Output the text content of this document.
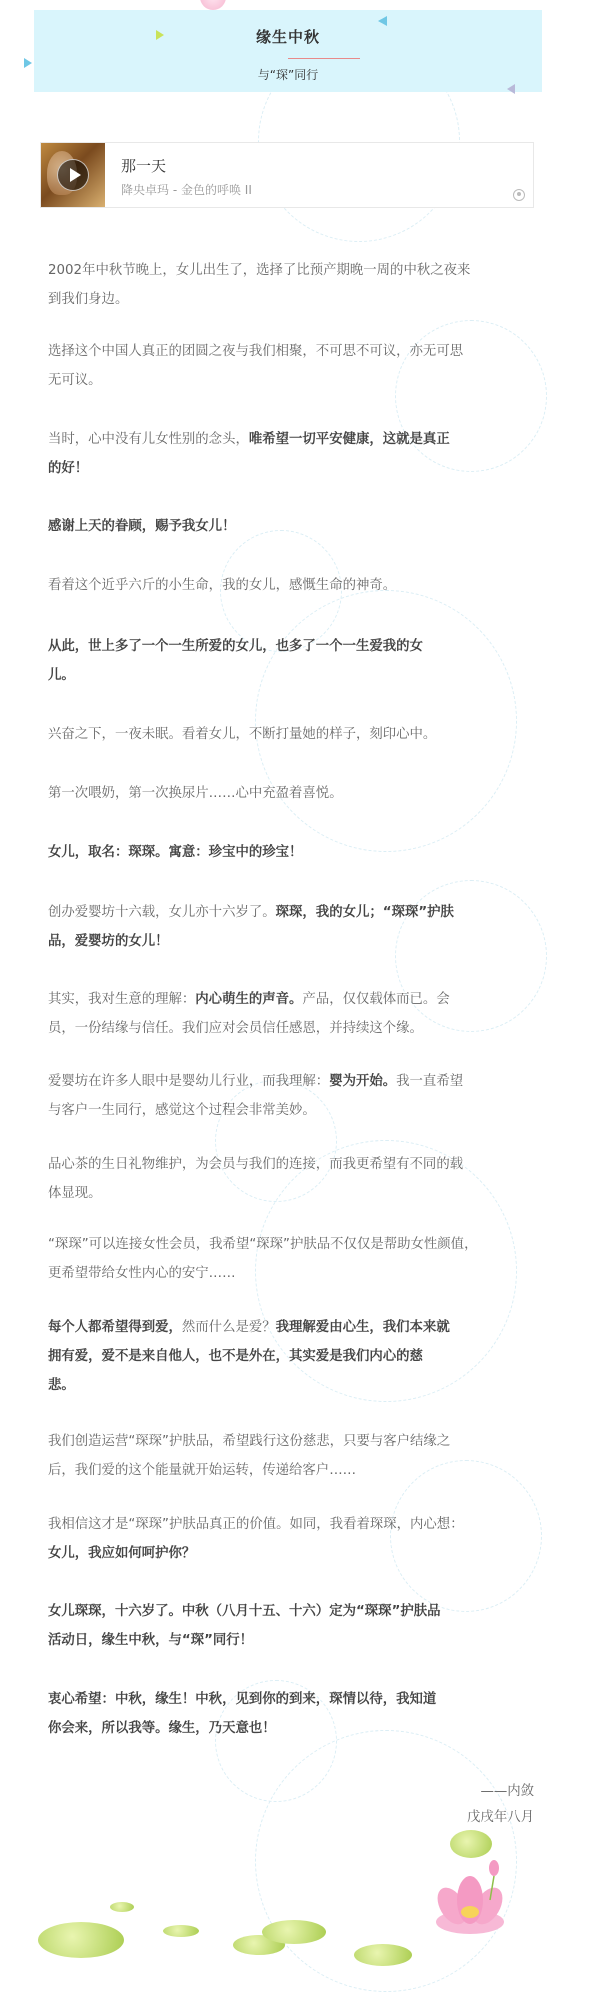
缘生中秋
与“琛”同行
那一天
降央卓玛 - 金色的呼唤 II

2002年中秋节晚上，女儿出生了，选择了比预产期晚一周的中秋之夜来
到我们身边。

选择这个中国人真正的团圆之夜与我们相聚，不可思不可议，亦无可思
无可议。

当时，心中没有儿女性别的念头，唯希望一切平安健康，这就是真正
的好！

感谢上天的眷顾，赐予我女儿！

看着这个近乎六斤的小生命，我的女儿，感慨生命的神奇。

从此，世上多了一个一生所爱的女儿，也多了一个一生爱我的女
儿。

兴奋之下，一夜未眠。看着女儿，不断打量她的样子，刻印心中。

第一次喂奶，第一次换尿片……心中充盈着喜悦。

女儿，取名：琛琛。寓意：珍宝中的珍宝！

创办爱婴坊十六载，女儿亦十六岁了。琛琛，我的女儿；“琛琛”护肤
品，爱婴坊的女儿！

其实，我对生意的理解：内心萌生的声音。产品，仅仅载体而已。会
员，一份结缘与信任。我们应对会员信任感恩，并持续这个缘。

爱婴坊在许多人眼中是婴幼儿行业，而我理解：婴为开始。我一直希望
与客户一生同行，感觉这个过程会非常美妙。

品心茶的生日礼物维护，为会员与我们的连接，而我更希望有不同的载
体显现。

“琛琛”可以连接女性会员，我希望“琛琛”护肤品不仅仅是帮助女性颜值，
更希望带给女性内心的安宁……

每个人都希望得到爱，然而什么是爱？我理解爱由心生，我们本来就
拥有爱，爱不是来自他人，也不是外在，其实爱是我们内心的慈
悲。

我们创造运营“琛琛”护肤品，希望践行这份慈悲，只要与客户结缘之
后，我们爱的这个能量就开始运转，传递给客户……

我相信这才是“琛琛”护肤品真正的价值。如同，我看着琛琛，内心想：
女儿，我应如何呵护你？

女儿琛琛，十六岁了。中秋（八月十五、十六）定为“琛琛”护肤品
活动日，缘生中秋，与“琛”同行！

衷心希望：中秋，缘生！中秋，见到你的到来，琛情以待，我知道
你会来，所以我等。缘生，乃天意也！

——内敛
戊戌年八月
